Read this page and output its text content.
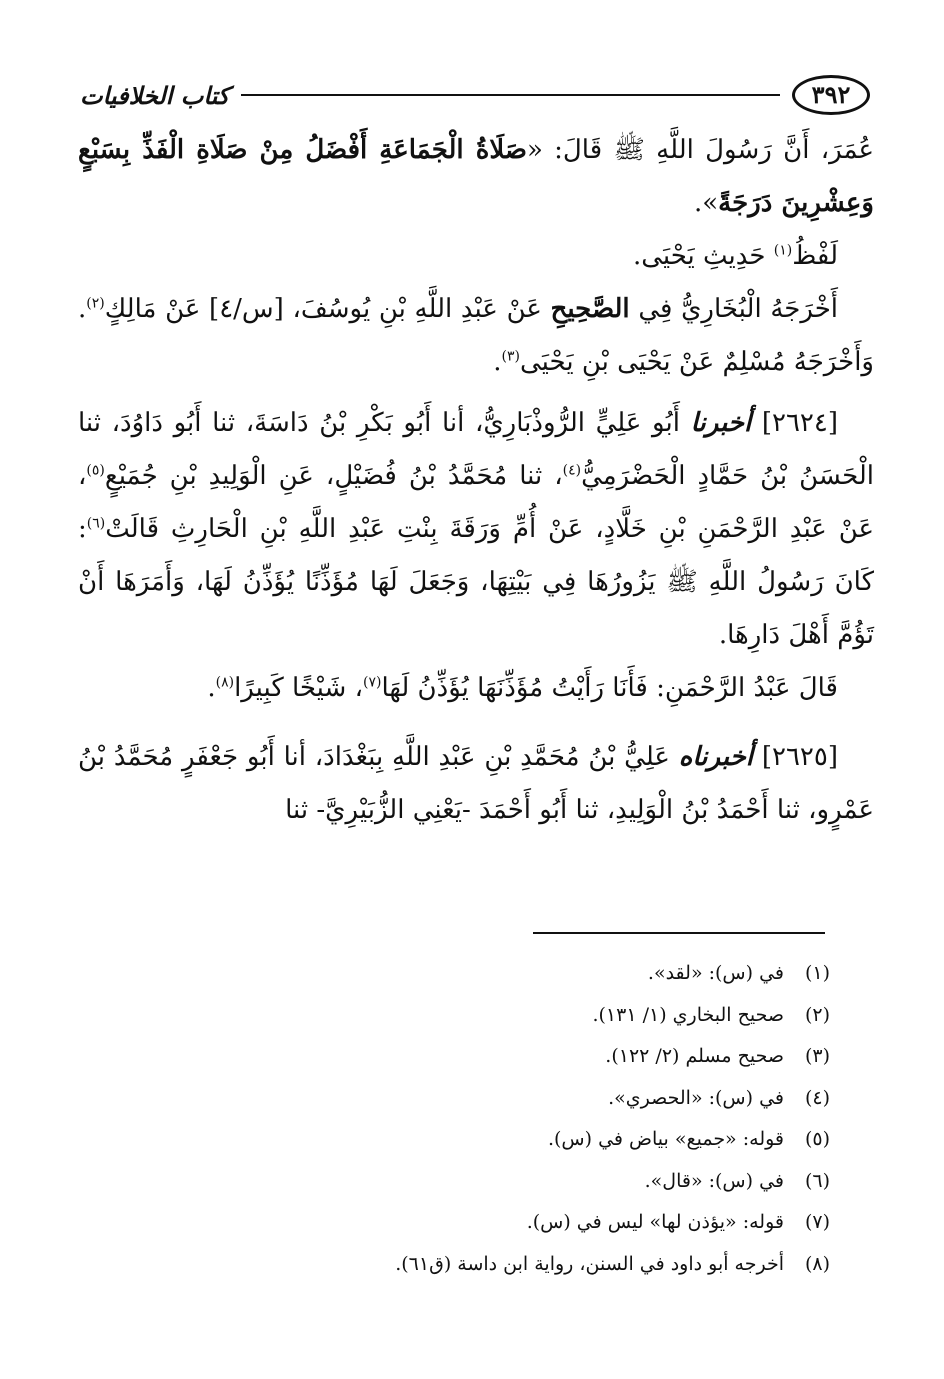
٣٩٢
كتاب الخلافيات

عُمَرَ، أَنَّ رَسُولَ اللَّهِ ﷺ قَالَ: «صَلَاةُ الْجَمَاعَةِ أَفْضَلُ مِنْ صَلَاةِ الْفَذِّ بِسَبْعٍ وَعِشْرِينَ دَرَجَةً».

لَفْظُ$^{(١)}$ حَدِيثِ يَحْيَى.

أَخْرَجَهُ الْبُخَارِيُّ فِي الصَّحِيحِ عَنْ عَبْدِ اللَّهِ بْنِ يُوسُفَ، [س/٤] عَنْ مَالِكٍ$^{(٢)}$. وَأَخْرَجَهُ مُسْلِمٌ عَنْ يَحْيَى بْنِ يَحْيَى$^{(٣)}$.

[٢٦٢٤] أخبرنا أَبُو عَلِيٍّ الرُّوذْبَارِيُّ، أنا أَبُو بَكْرِ بْنُ دَاسَةَ، ثنا أَبُو دَاوُدَ، ثنا الْحَسَنُ بْنُ حَمَّادٍ الْحَضْرَمِيُّ$^{(٤)}$، ثنا مُحَمَّدُ بْنُ فُضَيْلٍ، عَنِ الْوَلِيدِ بْنِ جُمَيْعٍ$^{(٥)}$، عَنْ عَبْدِ الرَّحْمَنِ بْنِ خَلَّادٍ، عَنْ أُمِّ وَرَقَةَ بِنْتِ عَبْدِ اللَّهِ بْنِ الْحَارِثِ قَالَتْ$^{(٦)}$: كَانَ رَسُولُ اللَّهِ ﷺ يَزُورُهَا فِي بَيْتِهَا، وَجَعَلَ لَهَا مُؤَذِّنًا يُؤَذِّنُ لَهَا، وَأَمَرَهَا أَنْ تَؤُمَّ أَهْلَ دَارِهَا.

قَالَ عَبْدُ الرَّحْمَنِ: فَأَنَا رَأَيْتُ مُؤَذِّنَهَا يُؤَذِّنُ لَهَا$^{(٧)}$، شَيْخًا كَبِيرًا$^{(٨)}$.

[٢٦٢٥] أخبرناه عَلِيُّ بْنُ مُحَمَّدِ بْنِ عَبْدِ اللَّهِ بِبَغْدَادَ، أنا أَبُو جَعْفَرٍ مُحَمَّدُ بْنُ عَمْرٍو، ثنا أَحْمَدُ بْنُ الْوَلِيدِ، ثنا أَبُو أَحْمَدَ -يَعْنِي الزُّبَيْرِيَّ- ثنا

(١)
في (س): «لقد».
(٢)
صحيح البخاري (١/ ١٣١).
(٣)
صحيح مسلم (٢/ ١٢٢).
(٤)
في (س): «الحصري».
(٥)
قوله: «جميع» بياض في (س).
(٦)
في (س): «قال».
(٧)
قوله: «يؤذن لها» ليس في (س).
(٨)
أخرجه أبو داود في السنن، رواية ابن داسة (ق٦١).
